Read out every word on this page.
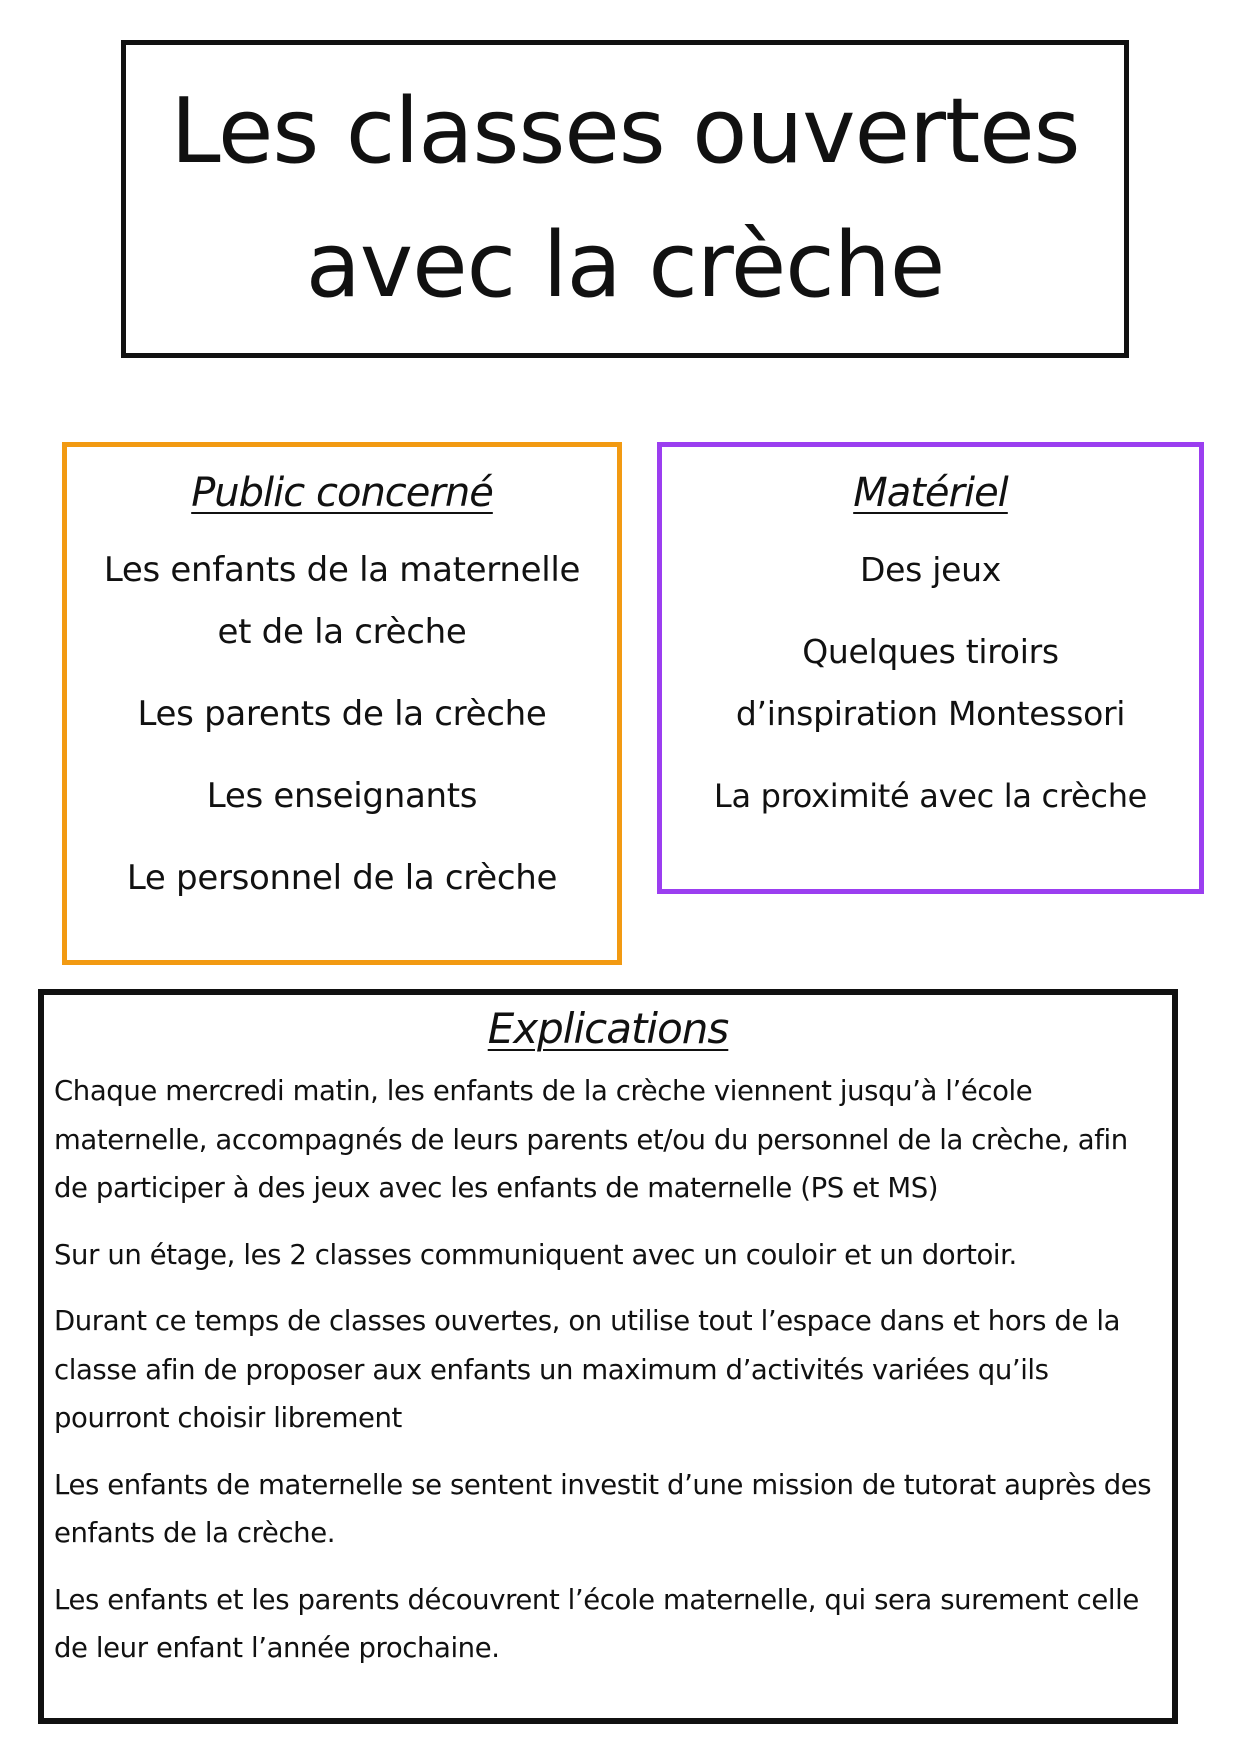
Les classes ouvertes
avec la crèche
Public concerné
Les enfants de la maternelle et de la crèche
Les parents de la crèche
Les enseignants
Le personnel de la crèche
Matériel
Des jeux
Quelques tiroirs d’inspiration Montessori
La proximité avec la crèche
Explications

Chaque mercredi matin, les enfants de la crèche viennent jusqu’à l’école maternelle, accompagnés de leurs parents et/ou du personnel de la crèche, afin de participer à des jeux avec les enfants de maternelle (PS et MS)

Sur un étage, les 2 classes communiquent avec un couloir et un dortoir.

Durant ce temps de classes ouvertes, on utilise tout l’espace dans et hors de la classe afin de proposer aux enfants un maximum d’activités variées qu’ils pourront choisir librement

Les enfants de maternelle se sentent investit d’une mission de tutorat auprès des enfants de la crèche.

Les enfants et les parents découvrent l’école maternelle, qui sera surement celle de leur enfant l’année prochaine.
